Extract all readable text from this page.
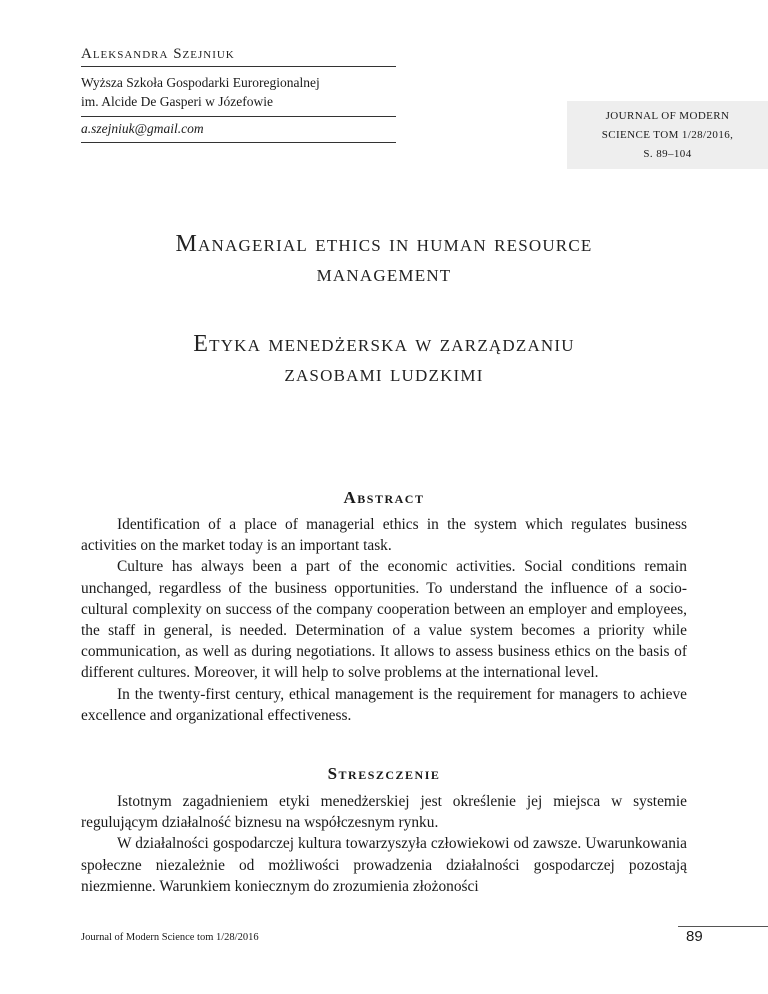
Aleksandra Szejniuk
Wyższa Szkoła Gospodarki Euroregionalnej
im. Alcide De Gasperi w Józefowie
a.szejniuk@gmail.com
JOURNAL OF MODERN
SCIENCE TOM 1/28/2016,
S. 89–104
Managerial ethics in human resource
management
Etyka menedżerska w zarządzaniu
zasobami ludzkimi
Abstract

Identification of a place of managerial ethics in the system which regulates business activities on the market today is an important task.

Culture has always been a part of the economic activities. Social conditions remain unchanged, regardless of the business opportunities. To understand the influence of a socio-cultural complexity on success of the company cooperation between an employer and employees, the staff in general, is needed. Determination of a value system becomes a priority while communication, as well as during negotiations. It allows to assess business ethics on the basis of different cultures. Moreover, it will help to solve problems at the international level.

In the twenty-first century, ethical management is the requirement for managers to achieve excellence and organizational effectiveness.

Streszczenie

Istotnym zagadnieniem etyki menedżerskiej jest określenie jej miejsca w systemie regulującym działalność biznesu na współczesnym rynku.

W działalności gospodarczej kultura towarzyszyła człowiekowi od zawsze. Uwarunkowania społeczne niezależnie od możliwości prowadzenia działalności gospodarczej pozostają niezmienne. Warunkiem koniecznym do zrozumienia złożoności

Journal of Modern Science tom 1/28/2016	89
